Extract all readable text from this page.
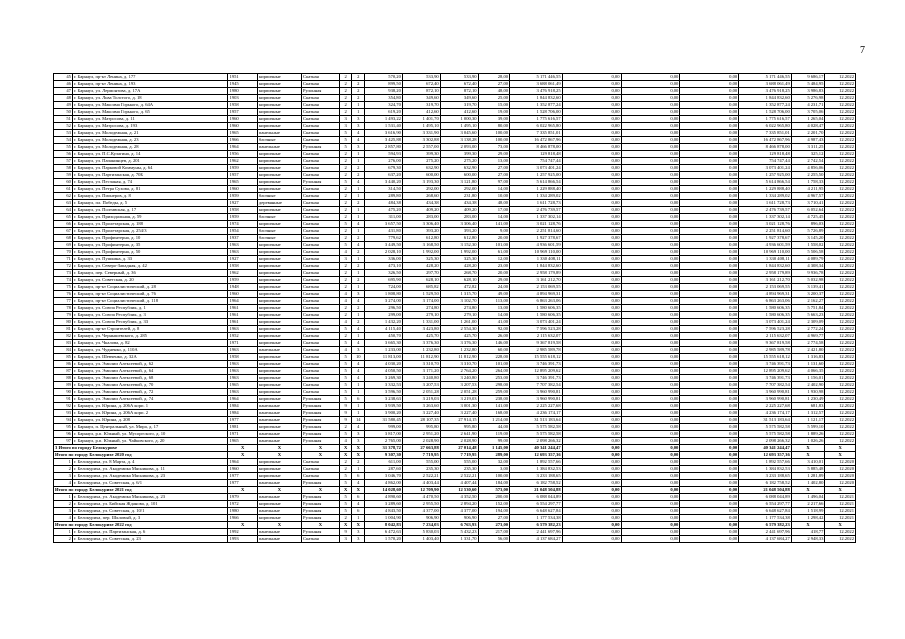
7
45	г. Барнаул, пр-кт Ленина, д. 177	1951	кирпичные	Скатная	2	2	570,20	533,90	533,90	28,00	5 171 446,55	0,00	0,00	0,00	5 171 446,55	9 686,17	12.2022
46	г. Барнаул, пр-кт Ленина, д. 193	1945	кирпичные	Скатная	2	2	899,50	672,40	672,40	27,00	3 688 061,49	0,00	0,00	0,00	3 688 061,49	5 484,95	12.2022
47	г. Барнаул, ул. Лермонтова, д. 17А	1980	кирпичные	Рулонная	2	2	938,20	872,10	872,10	48,00	3 476 918,25	0,00	0,00	0,00	3 476 918,25	3 986,83	12.2022
48	г. Барнаул, ул. Льва Толстого, д. 18	1903	кирпичные	Скатная	2	2	354,80	349,60	349,60	25,00	1 844 832,60	0,00	0,00	0,00	1 844 832,60	5 276,98	12.2022
49	г. Барнаул, ул. Максима Горького, д. 64А	1958	кирпичные	Скатная	2	1	324,70	319,70	319,70	15,00	1 352 877,24	0,00	0,00	0,00	1 352 877,24	4 231,71	12.2022
50	г. Барнаул, ул. Максима Горького, д. 65	1957	кирпичные	Скатная	2	1	619,20	412,60	412,60	19,00	1 528 706,00	0,00	0,00	0,00	1 528 706,00	3 705,06	12.2022
51	г. Барнаул, ул. Матросова, д. 11	1960	кирпичные	Скатная	3	3	1 493,22	1 401,70	1 000,30	39,00	1 775 616,57	0,00	0,00	0,00	1 775 616,57	1 265,04	12.2022
52	г. Барнаул, ул. Матросова, д. 193	1960	кирпичные	Скатная	3	3	1 531,40	1 495,10	1 495,10	80,00	6 022 965,80	0,00	0,00	0,00	6 022 965,80	4 028,47	12.2022
53	г. Барнаул, ул. Молодежная, д. 21	1965	панельные	Скатная	5	4	3 616,90	3 331,90	3 045,60	100,00	7 335 851,01	0,00	0,00	0,00	7 335 851,01	2 201,70	12.2022
54	г. Барнаул, ул. Молодежная, д. 23	1966	блочные	Скатная	5	4	3 425,88	3 302,88	3 138,28	100,00	16 472 867,96	0,00	0,00	0,00	16 472 867,96	4 987,43	12.2022
55	г. Барнаул, ул. Молодежная, д. 28	1964	панельные	Рулонная	5	3	2 857,80	2 557,00	2 093,00	73,00	8 466 878,00	0,00	0,00	0,00	8 466 878,00	3 311,25	12.2022
56	г. Барнаул, ул. П.С.Кулагина, д. 14	1956	кирпичные	Скатная	2	1	594,93	399,30	399,30	29,00	129 818,48	0,00	0,00	0,00	129 818,48	325,12	12.2022
57	г. Барнаул, ул. Папанинцев, д. 201	1962	кирпичные	Скатная	2	1	276,00	275,20	275,20	13,00	754 747,44	0,00	0,00	0,00	754 747,44	2 742,54	12.2022
58	г. Барнаул, ул. Парковой Коммуны, д. 64	1959	кирпичные	Скатная	2	2	679,30	632,90	632,90	27,00	3 073 401,24	0,00	0,00	0,00	3 073 401,24	4 856,06	12.2022
59	г. Барнаул, ул. Партизанская, д. 70Б	1957	кирпичные	Скатная	2	2	637,20	600,00	600,00	27,00	1 257 925,00	0,00	0,00	0,00	1 257 925,00	2 255,50	12.2022
60	г. Барнаул, ул. Песчаная, д. 74	1965	кирпичные	Рулонная	5	4	3 440,20	3 193,30	3 121,80	97,00	5 614 866,54	0,00	0,00	0,00	5 614 866,54	1 758,33	12.2022
61	г. Барнаул, ул. Петра Сухова, д. 81	1960	кирпичные	Скатная	2	1	314,50	292,00	292,00	14,00	1 229 888,40	0,00	0,00	0,00	1 229 888,40	4 211,95	12.2022
62	г. Барнаул, ул. Пионеров, д. 8	1959	блочные	Скатная	2	1	289,80	268,60	231,80	10,00	1 334 289,02	0,00	0,00	0,00	1 334 289,02	4 967,57	12.2022
63	г. Барнаул, пл. Победы, д. 5	1927	деревянные	Скатная	2	2	484,38	434,38	434,38	48,00	1 611 728,73	0,00	0,00	0,00	1 611 728,73	3 710,41	12.2022
64	г. Барнаул, ул. Полтавская, д. 17	1958	кирпичные	Скатная	2	1	475,20	409,20	409,20	17,00	2 476 739,57	0,00	0,00	0,00	2 476 739,57	6 052,64	12.2022
65	г. Барнаул, ул. Приходальная, д. 59	1959	блочные	Скатная	2	1	311,00	283,00	283,00	14,00	1 337 302,14	0,00	0,00	0,00	1 337 302,14	4 725,45	12.2022
66	г. Барнаул, ул. Пролетарская, д. 188	1974	кирпичные	Скатная	5	4	3 657,50	3 306,40	3 306,40	141,00	3 021 128,76	0,00	0,00	0,00	3 021 128,76	896,03	12.2022
67	г. Барнаул, ул. Пролетарская, д. 254/3	1954	блочные	Скатная	2	1	431,80	393,20	393,20	9,00	2 251 814,60	0,00	0,00	0,00	2 251 814,60	5 726,89	12.2022
68	г. Барнаул, ул. Профинтерна, д. 10	1937	блочные	Скатная	2	2	779,62	612,80	612,80	20,00	1 927 378,67	0,00	0,00	0,00	1 927 378,67	3 145,20	12.2022
69	г. Барнаул, ул. Профинтерна, д. 35	1963	кирпичные	Скатная	5	4	3 449,50	3 168,50	3 152,30	101,00	4 936 601,59	0,00	0,00	0,00	4 936 601,59	1 558,02	12.2022
70	г. Барнаул, ул. Профинтерна, д. 50	1963	кирпичные	Скатная	4	2	2 028,10	1 992,00	1 992,00	61,00	10 969 110,00	0,00	0,00	0,00	10 969 110,00	5 506,58	12.2022
71	г. Барнаул, ул. Пушкина, д. 33	1927	кирпичные	Скатная	3	1	336,00	325,30	325,30	12,00	1 330 408,11	0,00	0,00	0,00	1 330 408,11	4 089,79	12.2022
72	г. Барнаул, ул. Северо-Западная, д. 42	1958	кирпичные	Скатная	2	2	473,10	428,20	428,20	23,00	1 844 832,60	0,00	0,00	0,00	1 844 832,60	4 308,34	12.2022
73	г. Барнаул, пер. Северный, д. 36	1962	кирпичные	Скатная	2	1	326,50	297,70	268,70	20,00	2 958 179,89	0,00	0,00	0,00	2 958 179,89	9 936,78	12.2022
74	г. Барнаул, ул. Советская, д. 20	1959	кирпичные	Скатная	2	2	695,90	628,10	628,10	29,00	3 161 212,70	0,00	0,00	0,00	3 161 212,70	5 032,98	12.2022
75	г. Барнаул, пр-кт Социалистический, д. 28	1948	кирпичные	Скатная	2	1	724,00	685,82	472,82	24,00	2 153 069,55	0,00	0,00	0,00	2 153 069,55	3 139,41	12.2022
76	г. Барнаул, пр-кт Социалистический, д. 76	1960	кирпичные	Скатная	4	3	1 808,80	1 529,50	1 315,70	49,00	4 894 969,31	0,00	0,00	0,00	4 894 969,31	3 200,37	12.2022
77	г. Барнаул, пр-кт Социалистический, д. 118	1964	кирпичные	Скатная	4	4	3 274,00	3 174,00	3 102,70	113,00	6 863 263,06	0,00	0,00	0,00	6 863 263,06	2 162,27	12.2022
78	г. Барнаул, ул. Союза Республик, д. 1	1961	кирпичные	Скатная	2	2	296,50	274,80	274,80	13,00	1 580 606,35	0,00	0,00	0,00	1 580 606,35	5 751,84	12.2022
79	г. Барнаул, ул. Союза Республик, д. 3	1961	кирпичные	Скатная	2	1	299,00	279,10	279,10	14,00	1 580 606,35	0,00	0,00	0,00	1 580 606,35	5 663,23	12.2022
80	г. Барнаул, ул. Союза Республик, д. 33	1961	кирпичные	Скатная	4	2	1 432,20	1 331,00	1 261,00	41,00	3 073 401,24	0,00	0,00	0,00	3 073 401,24	2 309,09	12.2022
81	г. Барнаул, пр-кт Строителей, д. 8	1963	кирпичные	Скатная	5	4	4 115,40	3 423,80	2 554,30	92,00	7 596 523,28	0,00	0,00	0,00	7 596 523,28	2 772,24	12.2022
82	г. Барнаул, ул. Чернышевского, д. 285	1952	кирпичные	Скатная	2	1	450,70	425,70	425,70	26,00	2 115 632,07	0,00	0,00	0,00	2 115 632,07	4 969,77	12.2022
83	г. Барнаул, ул. Чкалова, д. 82	1971	кирпичные	Скатная	5	4	3 665,30	3 376,30	3 376,30	146,00	9 367 819,58	0,00	0,00	0,00	9 367 819,58	2 774,58	12.2022
84	г. Барнаул, ул. Чудненко, д. 110А	1963	панельные	Скатная	4	3	1 233,00	1 232,80	1 232,80	60,00	2 985 589,78	0,00	0,00	0,00	2 985 589,78	2 421,80	12.2022
85	г. Барнаул, ул. Шевченко, д. 32А	1958	кирпичные	Скатная	5	10	11 813,00	11 812,90	11 812,90	228,00	15 555 618,12	0,00	0,00	0,00	15 555 618,12	1 316,83	12.2022
86	г. Барнаул, ул. Эмилии Алексеевой, д. 62	1963	кирпичные	Скатная	5	4	4 030,20	3 310,70	3 310,70	101,00	3 746 391,73	0,00	0,00	0,00	3 746 391,73	1 131,60	12.2022
87	г. Барнаул, ул. Эмилии Алексеевой, д. 64	1963	кирпичные	Скатная	5	4	4 050,50	3 171,20	2 764,20	264,00	12 895 209,62	0,00	0,00	0,00	12 895 209,62	4 066,35	12.2022
88	г. Барнаул, ул. Эмилии Алексеевой, д. 68	1963	кирпичные	Скатная	5	4	3 269,30	3 240,80	3 240,80	253,00	3 746 391,73	0,00	0,00	0,00	3 746 391,73	1 156,01	12.2022
89	г. Барнаул, ул. Эмилии Алексеевой, д. 70	1965	кирпичные	Скатная	5	1	3 332,53	3 207,53	3 207,53	298,00	7 707 382,54	0,00	0,00	0,00	7 707 382,54	2 402,90	12.2022
90	г. Барнаул, ул. Эмилии Алексеевой, д. 72	1963	кирпичные	Скатная	5	1	3 596,50	2 051,28	2 051,28	259,00	3 960 990,81	0,00	0,00	0,00	3 960 990,81	1 930,98	12.2022
91	г. Барнаул, ул. Эмилии Алексеевой, д. 74	1964	кирпичные	Рулонная	5	6	3 238,63	3 219,03	3 219,03	238,00	3 960 990,81	0,00	0,00	0,00	3 960 990,81	1 230,49	12.2022
92	г. Барнаул, ул. Юрина, д. 206А корп. 1	1984	панельные	Рулонная	9	1	3 939,50	3 263,60	3 001,30	141,00	2 225 227,68	0,00	0,00	0,00	2 225 227,68	681,83	12.2022
93	г. Барнаул, ул. Юрина, д. 206А корп. 2	1984	панельные	Рулонная	9	1	3 900,20	3 227,40	3 227,40	168,00	4 236 174,17	0,00	0,00	0,00	4 236 174,17	1 312,57	12.2022
94	г. Барнаул, ул. Юрина, д. 208	1977	панельные	Рулонная	9	14	31 580,45	28 107,35	27 914,15	1 214,00	31 513 183,64	0,00	0,00	0,00	31 513 183,64	1 121,17	12.2022
95	г. Барнаул, п. Центральный, ул. Мира, д. 17	1981	кирпичные	Рулонная	2	4	999,00	995,80	995,80	44,00	5 575 582,58	0,00	0,00	0,00	5 575 582,58	5 599,10	12.2022
96	г. Барнаул, р.п. Южный, ул. Мусоргского, д. 10	1971	панельные	Рулонная	5	3	3 817,00	2 951,20	2 641,90	119,00	5 575 582,58	0,00	0,00	0,00	5 575 582,58	1 889,26	12.2022
97	г. Барнаул, р.п. Южный, ул. Чайковского, д. 20	1965	панельные	Рулонная	4	3	2 765,00	2 028,90	2 028,90	99,00	2 098 266,32	0,00	0,00	0,00	2 098 266,32	1 026,26	12.2022
3 Итого по городу Белокурихе		X	X	X	X	X	31 378,72	27 663,88	27 014,48	1 145,00	40 341 244,47	0,00	0,00	0,00	40 341 244,47	X	X
Итого по городу Белокурихе 2020 год		X	X	X	X	X	9 307,30	7 719,95	7 719,95	289,00	12 693 357,36	0,00	0,00	0,00	12 693 357,36	X	X
1	г. Белокуриха, ул. 8 Марта, д. 4	1964	кирпичные	Скатная	2	2	611,00	555,00	555,00	32,00	1 892 557,66	0,00	0,00	0,00	1 892 557,66	3 410,01	12.2020
2	г. Белокуриха, ул. Академика Мясникова, д. 11	1960	кирпичные	Скатная	2	1	287,60	235,30	235,30	3,00	1 384 832,53	0,00	0,00	0,00	1 384 832,53	5 885,48	12.2020
3	г. Белокуриха, ул. Академика Мясникова, д. 23	1977	кирпичные	Скатная	5	6	3 046,70	2 522,21	2 522,21	100,00	3 233 188,65	0,00	0,00	0,00	3 233 188,65	1 281,89	12.2020
4	г. Белокуриха, ул. Советская, д. 6/1	1977	панельные	Рулонная	5	4	4 862,00	4 403,44	4 407,44	184,00	6 182 758,52	0,00	0,00	0,00	6 182 758,52	1 402,80	12.2020
Итого по городу Белокурихе 2021 год		X	X	X	X	X	14 028,60	12 709,90	12 530,60	573,00	21 048 504,88	0,00	0,00	0,00	21 048 504,88	X	X
1	г. Белокуриха, ул. Академика Мясникова, д. 23	1979	панельные	Рулонная	5	6	4 890,60	4 470,50	4 352,50	200,00	6 088 044,89	0,00	0,00	0,00	6 088 044,89	1 496,04	12.2021
2	г. Белокуриха, ул. Бийская Жданова, д. 101	1972	кирпичные	Рулонная	5	4	3 289,60	2 955,50	2 894,20	152,00	6 554 297,77	0,00	0,00	0,00	6 554 297,77	2 217,66	12.2021
3	г. Белокуриха, ул. Советская, д. 10/1	1980	панельные	Рулонная	5	6	4 843,50	4 377,00	4 377,00	194,00	6 648 627,84	0,00	0,00	0,00	6 648 627,84	1 518,99	12.2021
4	г. Белокуриха, пер. Шкловый, д. 3	1966	кирпичные	Рулонная	2	1	1 004,90	906,90	906,90	27,00	1 177 534,38	0,00	0,00	0,00	1 177 534,38	1 298,42	12.2021
Итого по городу Белокурихе 2022 год		X	X	X	X	X	8 042,83	7 234,03	6 763,93	273,00	6 579 382,23	0,00	0,00	0,00	6 579 382,23	X	X
1	г. Белокуриха, ул. Партизанская, д. 6	1992	панельные	Рулонная	9	3	6 472,63	5 830,03	5 432,23	217,00	2 441 697,96	0,00	0,00	0,00	2 441 697,96	418,77	12.2022
2	г. Белокуриха, ул. Советская, д. 23	1993	панельные	Скатная	3	3	1 570,20	1 403,40	1 331,70	56,00	4 137 684,27	0,00	0,00	0,00	4 137 684,27	2 948,33	12.2022
